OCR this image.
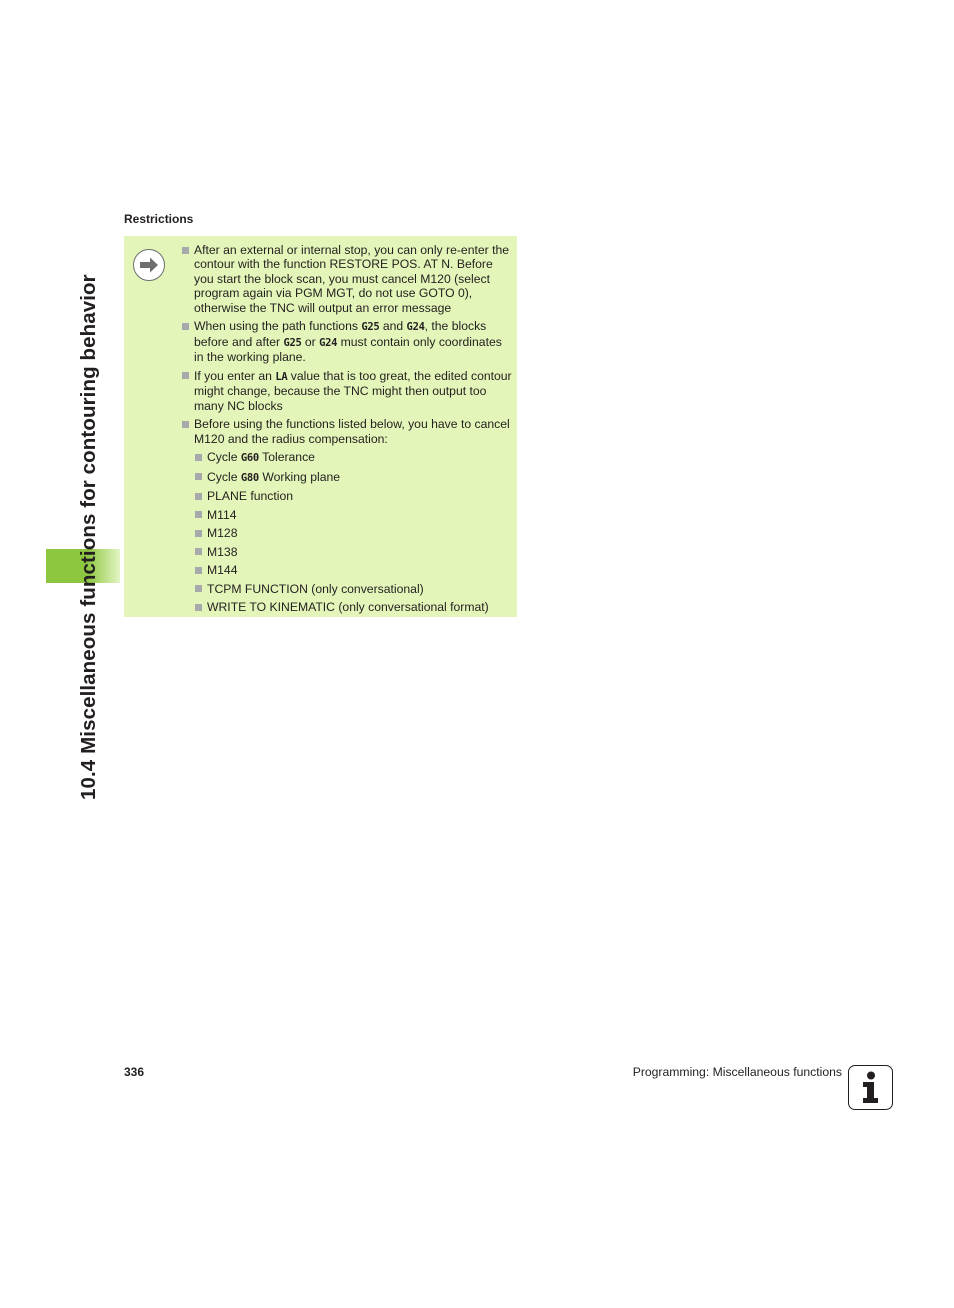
10.4 Miscellaneous functions for contouring behavior
Restrictions
After an external or internal stop, you can only re-enter the contour with the function RESTORE POS. AT N. Before you start the block scan, you must cancel M120 (select program again via PGM MGT, do not use GOTO 0), otherwise the TNC will output an error message
When using the path functions G25 and G24, the blocks before and after G25 or G24 must contain only coordinates in the working plane.
If you enter an LA value that is too great, the edited contour might change, because the TNC might then output too many NC blocks
Before using the functions listed below, you have to cancel M120 and the radius compensation:
Cycle G60 Tolerance
Cycle G80 Working plane
PLANE function
M114
M128
M138
M144
TCPM FUNCTION (only conversational)
WRITE TO KINEMATIC (only conversational format)
336	Programming: Miscellaneous functions
